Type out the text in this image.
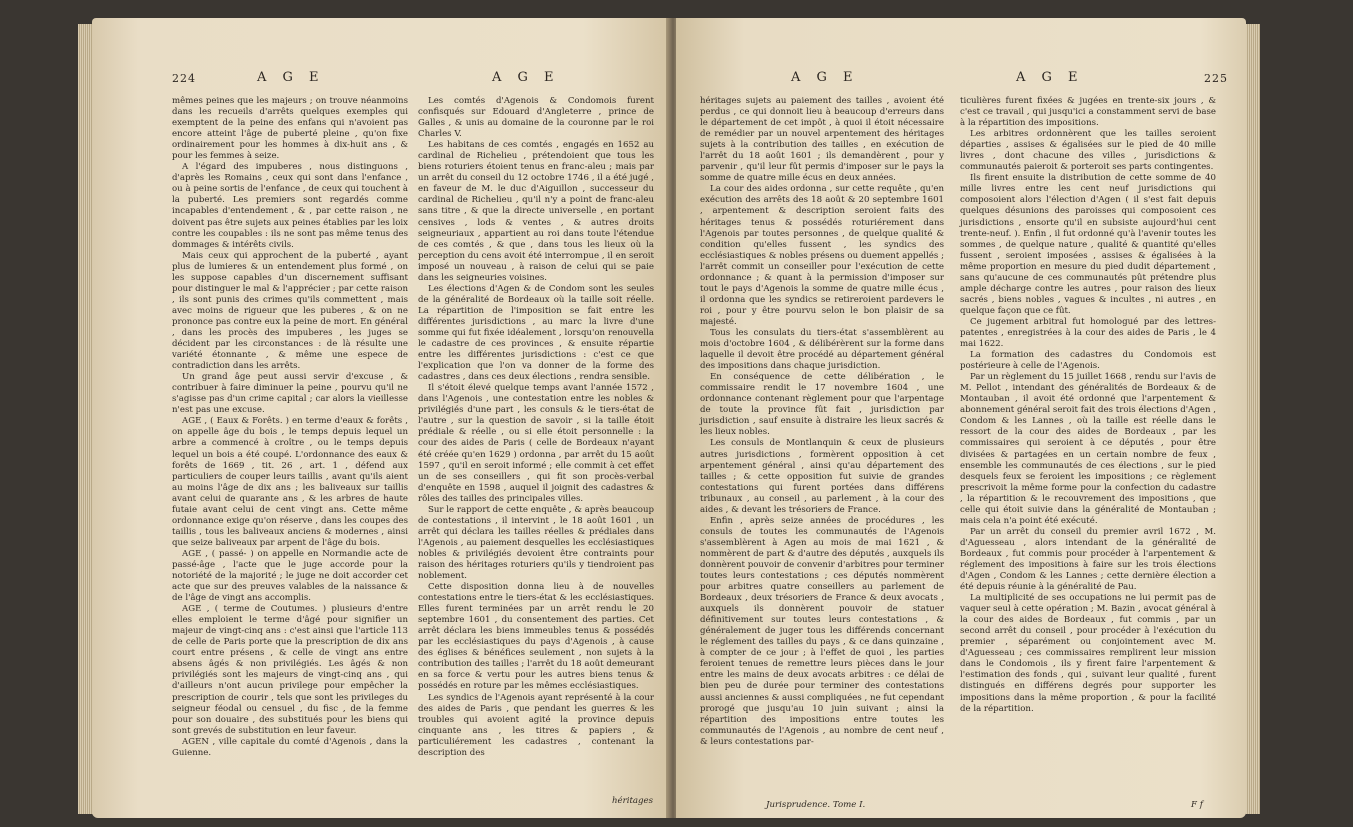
224	A G E	A G E

mêmes peines que les majeurs ; on trouve néanmoins dans les recueils d'arrêts quelques exemples qui exemptent de la peine des enfans qui n'avoient pas encore atteint l'âge de puberté pleine , qu'on fixe ordinairement pour les hommes à dix-huit ans , & pour les femmes à seize.

A l'égard des impuberes , nous distinguons , d'après les Romains , ceux qui sont dans l'enfance , ou à peine sortis de l'enfance , de ceux qui touchent à la puberté. Les premiers sont regardés comme incapables d'entendement , & , par cette raison , ne doivent pas être sujets aux peines établies par les loix contre les coupables : ils ne sont pas même tenus des dommages & intérêts civils.

Mais ceux qui approchent de la puberté , ayant plus de lumieres & un entendement plus formé , on les suppose capables d'un discernement suffisant pour distinguer le mal & l'apprécier ; par cette raison , ils sont punis des crimes qu'ils commettent , mais avec moins de rigueur que les puberes , & on ne prononce pas contre eux la peine de mort. En général , dans les procès des impuberes , les juges se décident par les circonstances : de là résulte une variété étonnante , & même une espece de contradiction dans les arrêts.

Un grand âge peut aussi servir d'excuse , & contribuer à faire diminuer la peine , pourvu qu'il ne s'agisse pas d'un crime capital ; car alors la vieillesse n'est pas une excuse.

AGE , ( Eaux & Forêts. ) en terme d'eaux & forêts , on appelle âge du bois , le temps depuis lequel un arbre a commencé à croître , ou le temps depuis lequel un bois a été coupé. L'ordonnance des eaux & forêts de 1669 , tit. 26 , art. 1 , défend aux particuliers de couper leurs taillis , avant qu'ils aient au moins l'âge de dix ans ; les baliveaux sur taillis avant celui de quarante ans , & les arbres de haute futaie avant celui de cent vingt ans. Cette même ordonnance exige qu'on réserve , dans les coupes des taillis , tous les baliveaux anciens & modernes , ainsi que seize baliveaux par arpent de l'âge du bois.

AGE , ( passé- ) on appelle en Normandie acte de passé-âge , l'acte que le juge accorde pour la notoriété de la majorité ; le juge ne doit accorder cet acte que sur des preuves valables de la naissance & de l'âge de vingt ans accomplis.

AGE , ( terme de Coutumes. ) plusieurs d'entre elles emploient le terme d'âgé pour signifier un majeur de vingt-cinq ans : c'est ainsi que l'article 113 de celle de Paris porte que la prescription de dix ans court entre présens , & celle de vingt ans entre absens âgés & non privilégiés. Les âgés & non privilégiés sont les majeurs de vingt-cinq ans , qui d'ailleurs n'ont aucun privilege pour empêcher la prescription de courir , tels que sont les privileges du seigneur féodal ou censuel , du fisc , de la femme pour son douaire , des substitués pour les biens qui sont grevés de substitution en leur faveur.

AGEN , ville capitale du comté d'Agenois , dans la Guienne.

Les comtés d'Agenois & Condomois furent confisqués sur Edouard d'Angleterre , prince de Galles , & unis au domaine de la couronne par le roi Charles V.

Les habitans de ces comtés , engagés en 1652 au cardinal de Richelieu , prétendoient que tous les biens roturiers étoient tenus en franc-aleu ; mais par un arrêt du conseil du 12 octobre 1746 , il a été jugé , en faveur de M. le duc d'Aiguillon , successeur du cardinal de Richelieu , qu'il n'y a point de franc-aleu sans titre , & que la directe universelle , en portant censives , lods & ventes , & autres droits seigneuriaux , appartient au roi dans toute l'étendue de ces comtés , & que , dans tous les lieux où la perception du cens avoit été interrompue , il en seroit imposé un nouveau , à raison de celui qui se paie dans les seigneuries voisines.

Les élections d'Agen & de Condom sont les seules de la généralité de Bordeaux où la taille soit réelle. La répartition de l'imposition se fait entre les différentes jurisdictions , au marc la livre d'une somme qui fut fixée idéalement , lorsqu'on renouvella le cadastre de ces provinces , & ensuite répartie entre les différentes jurisdictions : c'est ce que l'explication que l'on va donner de la forme des cadastres , dans ces deux élections , rendra sensible.

Il s'étoit élevé quelque temps avant l'année 1572 , dans l'Agenois , une contestation entre les nobles & privilégiés d'une part , les consuls & le tiers-état de l'autre , sur la question de savoir , si la taille étoit prédiale & réelle , ou si elle étoit personnelle : la cour des aides de Paris ( celle de Bordeaux n'ayant été créée qu'en 1629 ) ordonna , par arrêt du 15 août 1597 , qu'il en seroit informé ; elle commit à cet effet un de ses conseillers , qui fit son procès-verbal d'enquête en 1598 , auquel il joignit des cadastres & rôles des tailles des principales villes.

Sur le rapport de cette enquête , & après beaucoup de contestations , il intervint , le 18 août 1601 , un arrêt qui déclara les tailles réelles & prédiales dans l'Agenois , au paiement desquelles les ecclésiastiques nobles & privilégiés devoient être contraints pour raison des héritages roturiers qu'ils y tiendroient pas noblement.

Cette disposition donna lieu à de nouvelles contestations entre le tiers-état & les ecclésiastiques. Elles furent terminées par un arrêt rendu le 20 septembre 1601 , du consentement des parties. Cet arrêt déclara les biens immeubles tenus & possédés par les ecclésiastiques du pays d'Agenois , à cause des églises & bénéfices seulement , non sujets à la contribution des tailles ; l'arrêt du 18 août demeurant en sa force & vertu pour les autres biens tenus & possédés en roture par les mêmes ecclésiastiques.

Les syndics de l'Agenois ayant représenté à la cour des aides de Paris , que pendant les guerres & les troubles qui avoient agité la province depuis cinquante ans , les titres & papiers , & particuliérement les cadastres , contenant la description des

héritages
A G E	A G E	225

héritages sujets au paiement des tailles , avoient été perdus , ce qui donnoit lieu à beaucoup d'erreurs dans le département de cet impôt , à quoi il étoit nécessaire de remédier par un nouvel arpentement des héritages sujets à la contribution des tailles , en exécution de l'arrêt du 18 août 1601 ; ils demandèrent , pour y parvenir , qu'il leur fût permis d'imposer sur le pays la somme de quatre mille écus en deux années.

La cour des aides ordonna , sur cette requête , qu'en exécution des arrêts des 18 août & 20 septembre 1601 , arpentement & description seroient faits des héritages tenus & possédés roturiérement dans l'Agenois par toutes personnes , de quelque qualité & condition qu'elles fussent , les syndics des ecclésiastiques & nobles présens ou duement appellés ; l'arrêt commit un conseiller pour l'exécution de cette ordonnance ; & quant à la permission d'imposer sur tout le pays d'Agenois la somme de quatre mille écus , il ordonna que les syndics se retireroient pardevers le roi , pour y être pourvu selon le bon plaisir de sa majesté.

Tous les consulats du tiers-état s'assemblèrent au mois d'octobre 1604 , & délibérèrent sur la forme dans laquelle il devoit être procédé au département général des impositions dans chaque jurisdiction.

En conséquence de cette délibération , le commissaire rendit le 17 novembre 1604 , une ordonnance contenant règlement pour que l'arpentage de toute la province fût fait , jurisdiction par jurisdiction , sauf ensuite à distraire les lieux sacrés & les lieux nobles.

Les consuls de Montlanquin & ceux de plusieurs autres jurisdictions , formèrent opposition à cet arpentement général , ainsi qu'au département des tailles ; & cette opposition fut suivie de grandes contestations qui furent portées dans différens tribunaux , au conseil , au parlement , à la cour des aides , & devant les trésoriers de France.

Enfin , après seize années de procédures , les consuls de toutes les communautés de l'Agenois s'assemblèrent à Agen au mois de mai 1621 , & nommèrent de part & d'autre des députés , auxquels ils donnèrent pouvoir de convenir d'arbitres pour terminer toutes leurs contestations ; ces députés nommèrent pour arbitres quatre conseillers au parlement de Bordeaux , deux trésoriers de France & deux avocats , auxquels ils donnèrent pouvoir de statuer définitivement sur toutes leurs contestations , & généralement de juger tous les différends concernant le réglement des tailles du pays , & ce dans quinzaine , à compter de ce jour ; à l'effet de quoi , les parties feroient tenues de remettre leurs pièces dans le jour entre les mains de deux avocats arbitres : ce délai de bien peu de durée pour terminer des contestations aussi anciennes & aussi compliquées , ne fut cependant prorogé que jusqu'au 10 juin suivant ; ainsi la répartition des impositions entre toutes les communautés de l'Agenois , au nombre de cent neuf , & leurs contestations par-

ticulières furent fixées & jugées en trente-six jours , & c'est ce travail , qui jusqu'ici a constamment servi de base à la répartition des impositions.

Les arbitres ordonnèrent que les tailles seroient départies , assises & égalisées sur le pied de 40 mille livres , dont chacune des villes , jurisdictions & communautés paieroit & porteroit ses parts contingentes.

Ils firent ensuite la distribution de cette somme de 40 mille livres entre les cent neuf jurisdictions qui composoient alors l'élection d'Agen ( il s'est fait depuis quelques désunions des paroisses qui composoient ces jurisdictions , ensorte qu'il en subsiste aujourd'hui cent trente-neuf. ). Enfin , il fut ordonné qu'à l'avenir toutes les sommes , de quelque nature , qualité & quantité qu'elles fussent , seroient imposées , assises & égalisées à la même proportion en mesure du pied dudit département , sans qu'aucune de ces communautés pût prétendre plus ample décharge contre les autres , pour raison des lieux sacrés , biens nobles , vagues & incultes , ni autres , en quelque façon que ce fût.

Ce jugement arbitral fut homologué par des lettres-patentes , enregistrées à la cour des aides de Paris , le 4 mai 1622.

La formation des cadastres du Condomois est postérieure à celle de l'Agenois.

Par un règlement du 15 juillet 1668 , rendu sur l'avis de M. Pellot , intendant des généralités de Bordeaux & de Montauban , il avoit été ordonné que l'arpentement & abonnement général seroit fait des trois élections d'Agen , Condom & les Lannes , où la taille est réelle dans le ressort de la cour des aides de Bordeaux , par les commissaires qui seroient à ce députés , pour être divisées & partagées en un certain nombre de feux , ensemble les communautés de ces élections , sur le pied desquels feux se feroient les impositions ; ce règlement prescrivoit la même forme pour la confection du cadastre , la répartition & le recouvrement des impositions , que celle qui étoit suivie dans la généralité de Montauban ; mais cela n'a point été exécuté.

Par un arrêt du conseil du premier avril 1672 , M. d'Aguesseau , alors intendant de la généralité de Bordeaux , fut commis pour procéder à l'arpentement & réglement des impositions à faire sur les trois élections d'Agen , Condom & les Lannes ; cette dernière élection a été depuis réunie à la généralité de Pau.

La multiplicité de ses occupations ne lui permit pas de vaquer seul à cette opération ; M. Bazin , avocat général à la cour des aides de Bordeaux , fut commis , par un second arrêt du conseil , pour procéder à l'exécution du premier , séparément ou conjointement avec M. d'Aguesseau ; ces commissaires remplirent leur mission dans le Condomois , ils y firent faire l'arpentement & l'estimation des fonds , qui , suivant leur qualité , furent distingués en différens degrés pour supporter les impositions dans la même proportion , & pour la facilité de la répartition.

Jurisprudence. Tome I.	F f
